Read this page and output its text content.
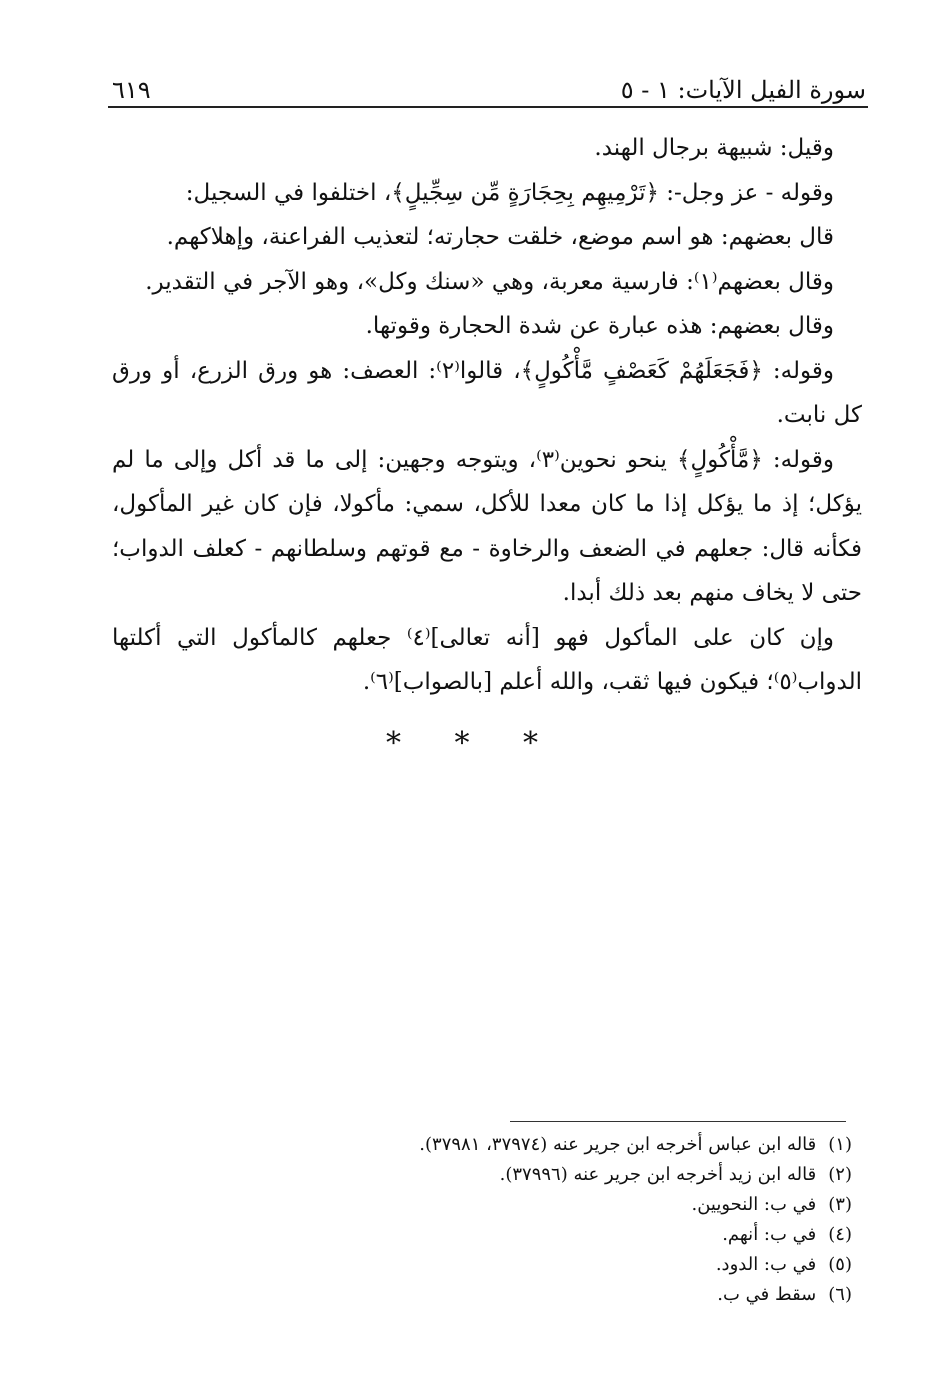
سورة الفيل الآيات: ١ - ٥
٦١٩

وقيل: شبيهة برجال الهند.

وقوله - عز وجل-: ﴿تَرْمِيهِم بِحِجَارَةٍ مِّن سِجِّيلٍ﴾، اختلفوا في السجيل:

قال بعضهم: هو اسم موضع، خلقت حجارته؛ لتعذيب الفراعنة، وإهلاكهم.

وقال بعضهم⁽١⁾: فارسية معربة، وهي «سنك وكل»، وهو الآجر في التقدير.

وقال بعضهم: هذه عبارة عن شدة الحجارة وقوتها.

وقوله: ﴿فَجَعَلَهُمْ كَعَصْفٍ مَّأْكُولٍ﴾، قالوا⁽٢⁾: العصف: هو ورق الزرع، أو ورق كل نابت.

وقوله: ﴿مَّأْكُولٍ﴾ ينحو نحوين⁽٣⁾، ويتوجه وجهين: إلى ما قد أكل وإلى ما لم يؤكل؛ إذ ما يؤكل إذا ما كان معدا للأكل، سمي: مأكولا، فإن كان غير المأكول، فكأنه قال: جعلهم في الضعف والرخاوة - مع قوتهم وسلطانهم - كعلف الدواب؛ حتى لا يخاف منهم بعد ذلك أبدا.

وإن كان على المأكول فهو [أنه تعالى]⁽٤⁾ جعلهم كالمأكول التي أكلتها الدواب⁽٥⁾؛ فيكون فيها ثقب، والله أعلم [بالصواب]⁽٦⁾.

* * *
(١)
قاله ابن عباس أخرجه ابن جرير عنه (٣٧٩٧٤، ٣٧٩٨١).
(٢)
قاله ابن زيد أخرجه ابن جرير عنه (٣٧٩٩٦).
(٣)
في ب: النحويين.
(٤)
في ب: أنهم.
(٥)
في ب: الدود.
(٦)
سقط في ب.
